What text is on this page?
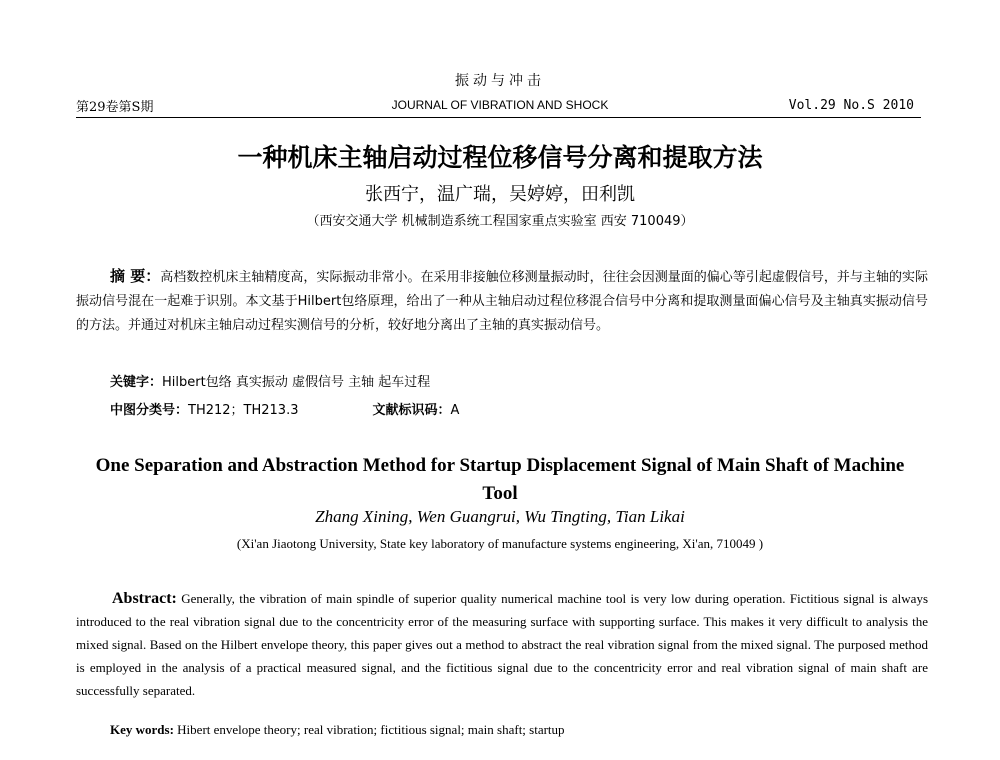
振动与冲击
第29卷第S期	JOURNAL OF VIBRATION AND SHOCK	Vol.29 No.S 2010
一种机床主轴启动过程位移信号分离和提取方法
张西宁，温广瑞，吴婷婷，田利凯
（西安交通大学 机械制造系统工程国家重点实验室 西安 710049）
摘 要：高档数控机床主轴精度高，实际振动非常小。在采用非接触位移测量振动时，往往会因测量面的偏心等引起虚假信号，并与主轴的实际振动信号混在一起难于识别。本文基于Hilbert包络原理，给出了一种从主轴启动过程位移混合信号中分离和提取测量面偏心信号及主轴真实振动信号的方法。并通过对机床主轴启动过程实测信号的分析，较好地分离出了主轴的真实振动信号。
关键字：Hilbert包络 真实振动 虚假信号 主轴 起车过程
中图分类号：TH212；TH213.3	文献标识码：A
One Separation and Abstraction Method for Startup Displacement Signal of Main Shaft of Machine Tool
Zhang Xining, Wen Guangrui, Wu Tingting, Tian Likai
(Xi'an Jiaotong University, State key laboratory of manufacture systems engineering, Xi'an, 710049 )
Abstract: Generally, the vibration of main spindle of superior quality numerical machine tool is very low during operation. Fictitious signal is always introduced to the real vibration signal due to the concentricity error of the measuring surface with supporting surface. This makes it very difficult to analysis the mixed signal. Based on the Hilbert envelope theory, this paper gives out a method to abstract the real vibration signal from the mixed signal. The purposed method is employed in the analysis of a practical measured signal, and the fictitious signal due to the concentricity error and real vibration signal of main shaft are successfully separated.
Key words: Hibert envelope theory; real vibration; fictitious signal; main shaft; startup
